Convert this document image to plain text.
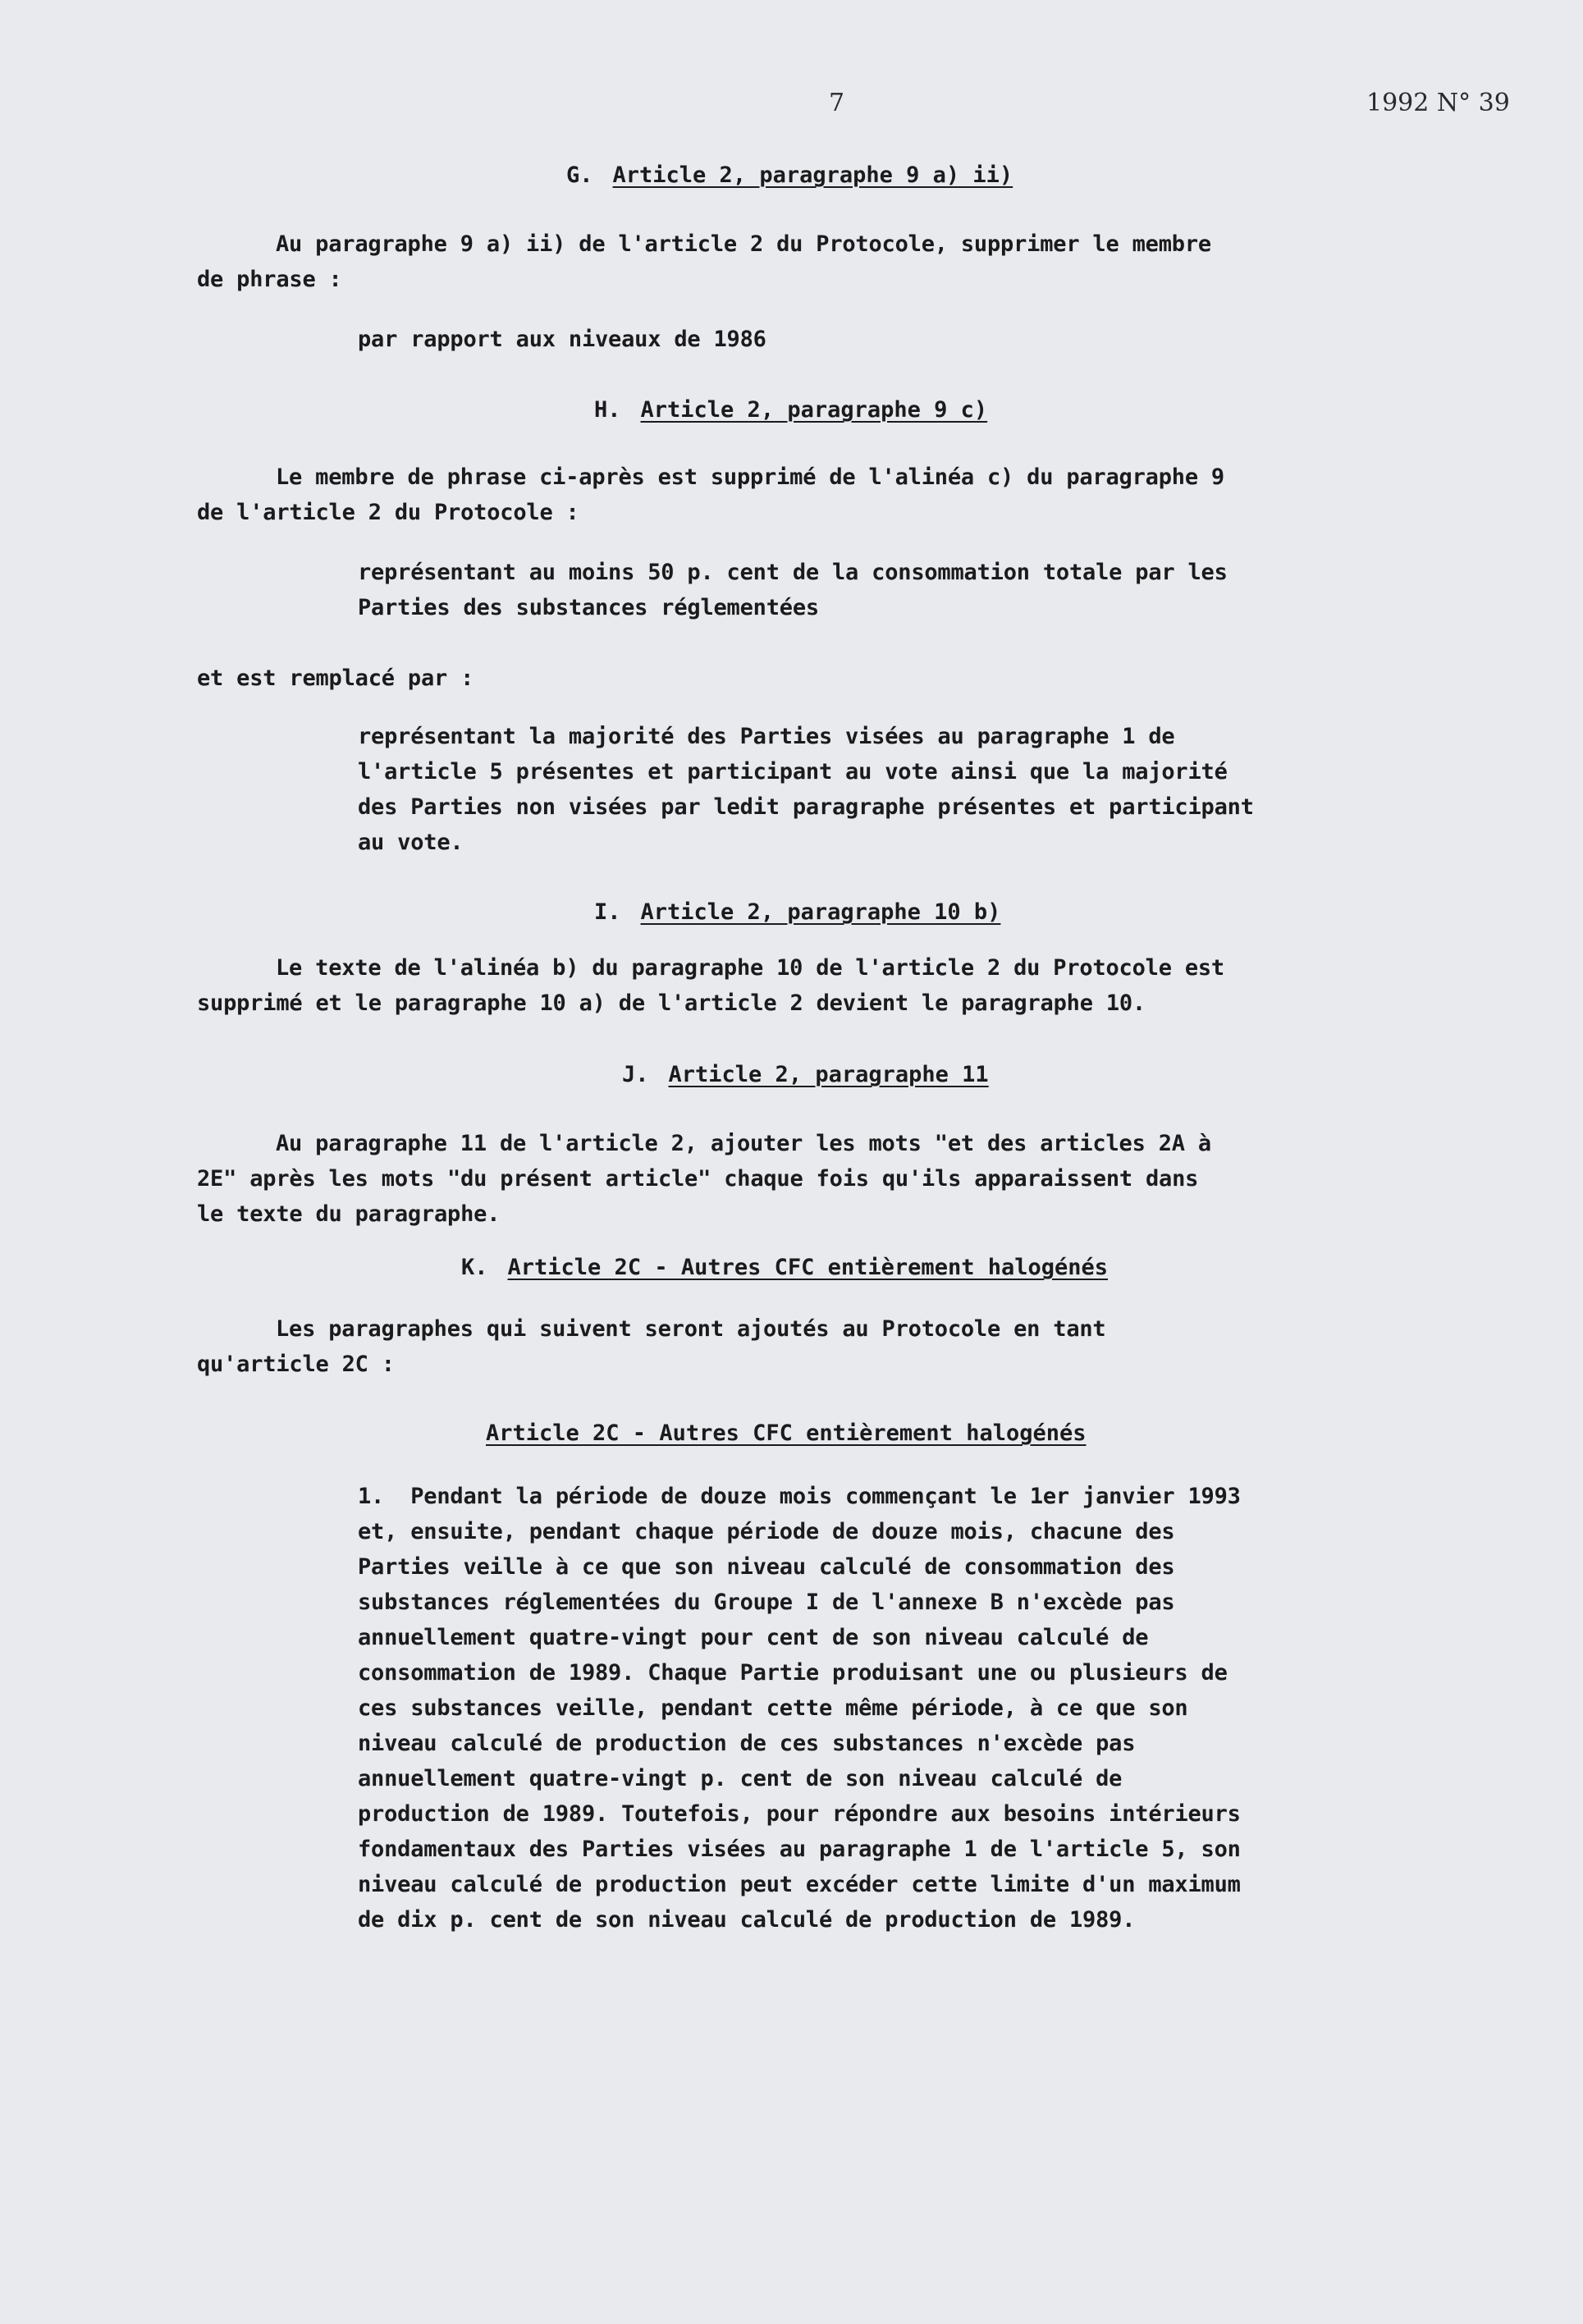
7	1992 N° 39
G. Article 2, paragraphe 9 a) ii)
Au paragraphe 9 a) ii) de l'article 2 du Protocole, supprimer le membre
de phrase :
par rapport aux niveaux de 1986
H. Article 2, paragraphe 9 c)
Le membre de phrase ci-après est supprimé de l'alinéa c) du paragraphe 9
de l'article 2 du Protocole :
représentant au moins 50 p. cent de la consommation totale par les
Parties des substances réglementées
et est remplacé par :
représentant la majorité des Parties visées au paragraphe 1 de
l'article 5 présentes et participant au vote ainsi que la majorité
des Parties non visées par ledit paragraphe présentes et participant
au vote.
I. Article 2, paragraphe 10 b)
Le texte de l'alinéa b) du paragraphe 10 de l'article 2 du Protocole est
supprimé et le paragraphe 10 a) de l'article 2 devient le paragraphe 10.
J. Article 2, paragraphe 11
Au paragraphe 11 de l'article 2, ajouter les mots "et des articles 2A à
2E" après les mots "du présent article" chaque fois qu'ils apparaissent dans
le texte du paragraphe.
K. Article 2C - Autres CFC entièrement halogénés
Les paragraphes qui suivent seront ajoutés au Protocole en tant
qu'article 2C :
Article 2C - Autres CFC entièrement halogénés
1.  Pendant la période de douze mois commençant le 1er janvier 1993
et, ensuite, pendant chaque période de douze mois, chacune des
Parties veille à ce que son niveau calculé de consommation des
substances réglementées du Groupe I de l'annexe B n'excède pas
annuellement quatre-vingt pour cent de son niveau calculé de
consommation de 1989. Chaque Partie produisant une ou plusieurs de
ces substances veille, pendant cette même période, à ce que son
niveau calculé de production de ces substances n'excède pas
annuellement quatre-vingt p. cent de son niveau calculé de
production de 1989. Toutefois, pour répondre aux besoins intérieurs
fondamentaux des Parties visées au paragraphe 1 de l'article 5, son
niveau calculé de production peut excéder cette limite d'un maximum
de dix p. cent de son niveau calculé de production de 1989.
